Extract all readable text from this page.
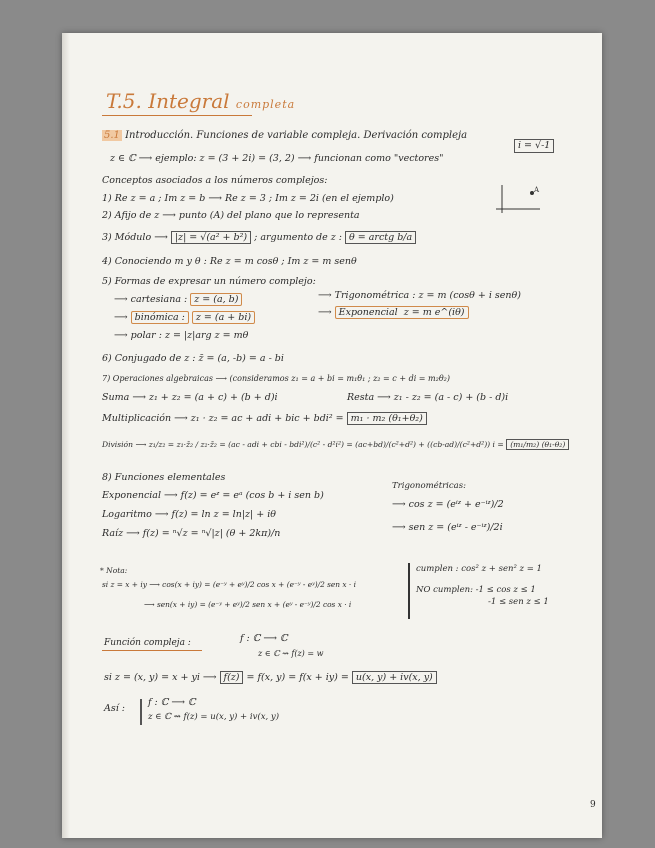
T.5. Integral completa
5.1 Introducción. Funciones de variable compleja. Derivación compleja
i = √-1
z ∈ ℂ ⟶ ejemplo: z = (3 + 2i) = (3, 2) ⟶ funcionan como "vectores"
Conceptos asociados a los números complejos:
1) Re z = a ; Im z = b ⟶ Re z = 3 ; Im z = 2i (en el ejemplo)
A
2) Afijo de z ⟶ punto (A) del plano que lo representa
3) Módulo ⟶ |z| = √(a² + b²) ; argumento de z : θ = arctg b/a
4) Conociendo m y θ : Re z = m cosθ ; Im z = m senθ
5) Formas de expresar un número complejo:
⟶ cartesiana : z = (a, b)
⟶ binómica : z = (a + bi)
⟶ polar : z = |z|arg z = mθ
⟶ Trigonométrica : z = m (cosθ + i senθ)
⟶ Exponencial z = m e^(iθ)
6) Conjugado de z : z̄ = (a, -b) = a - bi
7) Operaciones algebraicas ⟶ (consideramos z₁ = a + bi = m₁θ₁ ; z₂ = c + di = m₂θ₂)
Suma ⟶ z₁ + z₂ = (a + c) + (b + d)i	Resta ⟶ z₁ - z₂ = (a - c) + (b - d)i
Multiplicación ⟶ z₁ · z₂ = ac + adi + bic + bdi² = m₁ · m₂ (θ₁+θ₂)
División ⟶ z₁/z₂ = z₁·z̄₂ / z₂·z̄₂ = (ac - adi + cbi - bdi²)/(c² - d²i²) = (ac+bd)/(c²+d²) + ((cb-ad)/(c²+d²)) i = (m₁/m₂) (θ₁-θ₂)
8) Funciones elementales
Exponencial ⟶ f(z) = eᶻ = eᵃ (cos b + i sen b)
Logaritmo ⟶ f(z) = ln z = ln|z| + iθ
Raíz ⟶ f(z) = ⁿ√z = ⁿ√|z| (θ + 2kπ)/n
Trigonométricas:
⟶ cos z = (eⁱᶻ + e⁻ⁱᶻ)/2
⟶ sen z = (eⁱᶻ - e⁻ⁱᶻ)/2i
* Nota:
si z = x + iy ⟶ cos(x + iy) = (e⁻ʸ + eʸ)/2 cos x + (e⁻ʸ - eʸ)/2 sen x · i
⟶ sen(x + iy) = (e⁻ʸ + eʸ)/2 sen x + (eʸ - e⁻ʸ)/2 cos x · i
cumplen : cos² z + sen² z = 1
NO cumplen: -1 ≤ cos z ≤ 1
-1 ≤ sen z ≤ 1
Función compleja :	f : ℂ ⟶ ℂ
z ∈ ℂ ⇝ f(z) = w
si z = (x, y) = x + yi ⟶ f(z) = f(x, y) = f(x + iy) = u(x, y) + iv(x, y)
Así :
f : ℂ ⟶ ℂ
z ∈ ℂ ⇝ f(z) = u(x, y) + iv(x, y)
9
